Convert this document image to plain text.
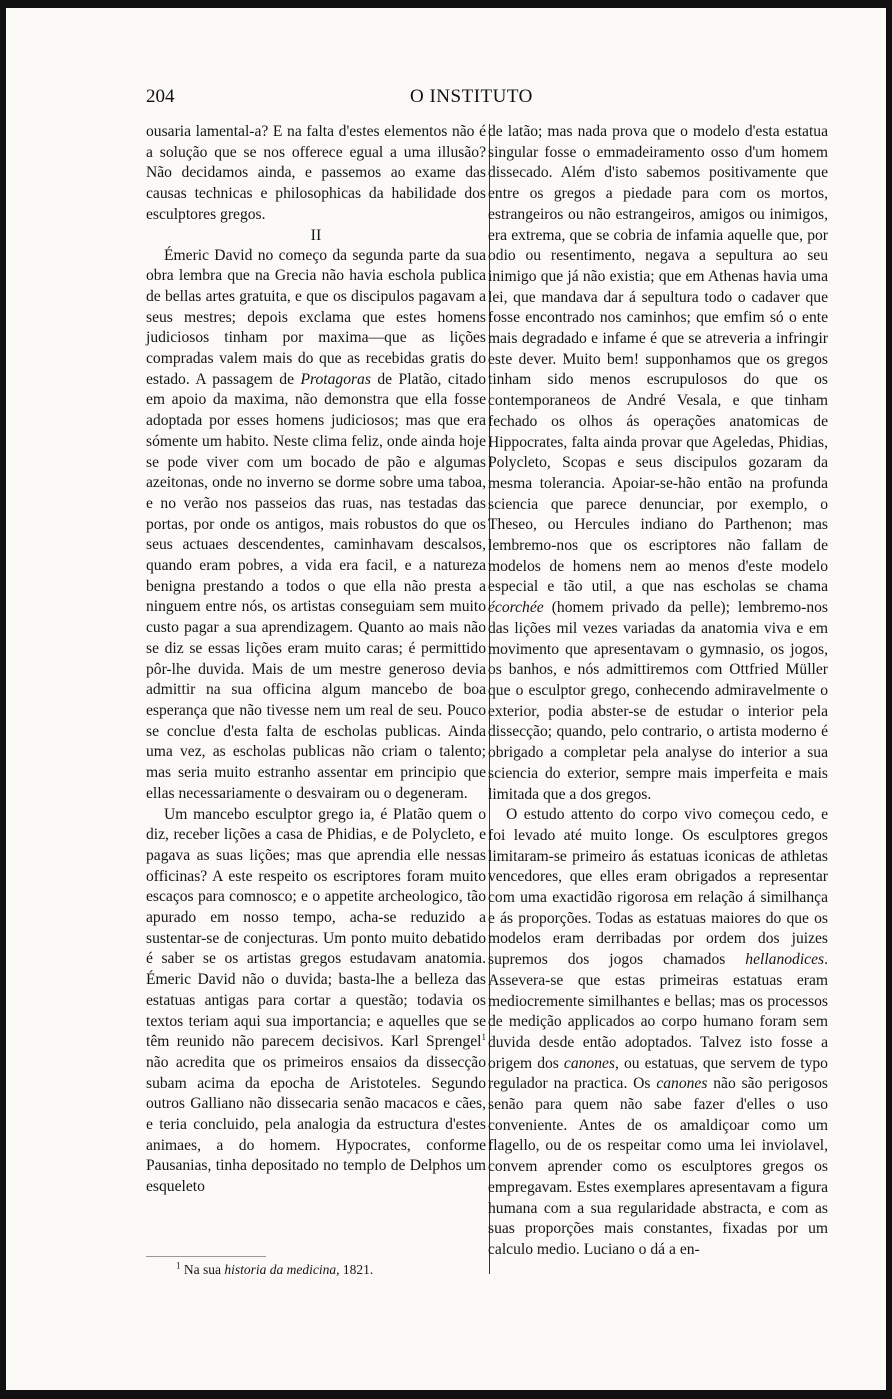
204	O INSTITUTO

ousaria lamental-a? E na falta d'estes elementos não é a solução que se nos offerece egual a uma illusão? Não decidamos ainda, e passemos ao exame das causas technicas e philosophicas da habilidade dos esculptores gregos.

II

Émeric David no começo da segunda parte da sua obra lembra que na Grecia não havia eschola publica de bellas artes gratuita, e que os discipulos pagavam a seus mestres; depois exclama que estes homens judiciosos tinham por maxima—que as lições compradas valem mais do que as recebidas gratis do estado. A passagem de Protagoras de Platão, citado em apoio da maxima, não demonstra que ella fosse adoptada por esses homens judiciosos; mas que era sómente um habito. Neste clima feliz, onde ainda hoje se pode viver com um bocado de pão e algumas azeitonas, onde no inverno se dorme sobre uma taboa, e no verão nos passeios das ruas, nas testadas das portas, por onde os antigos, mais robustos do que os seus actuaes descendentes, caminhavam descalsos, quando eram pobres, a vida era facil, e a natureza benigna prestando a todos o que ella não presta a ninguem entre nós, os artistas conseguiam sem muito custo pagar a sua aprendizagem. Quanto ao mais não se diz se essas lições eram muito caras; é permittido pôr-lhe duvida. Mais de um mestre generoso devia admittir na sua officina algum mancebo de boa esperança que não tivesse nem um real de seu. Pouco se conclue d'esta falta de escholas publicas. Ainda uma vez, as escholas publicas não criam o talento; mas seria muito estranho assentar em principio que ellas necessariamente o desvairam ou o degeneram.

Um mancebo esculptor grego ia, é Platão quem o diz, receber lições a casa de Phidias, e de Polycleto, e pagava as suas lições; mas que aprendia elle nessas officinas? A este respeito os escriptores foram muito escaços para comnosco; e o appetite archeologico, tão apurado em nosso tempo, acha-se reduzido a sustentar-se de conjecturas. Um ponto muito debatido é saber se os artistas gregos estudavam anatomia. Émeric David não o duvida; basta-lhe a belleza das estatuas antigas para cortar a questão; todavia os textos teriam aqui sua importancia; e aquelles que se têm reunido não parecem decisivos. Karl Sprengel$^1$ não acredita que os primeiros ensaios da dissecção subam acima da epocha de Aristoteles. Segundo outros Galliano não dissecaria senão macacos e cães, e teria concluido, pela analogia da estructura d'estes animaes, a do homem. Hypocrates, conforme Pausanias, tinha depositado no templo de Delphos um esqueleto

de latão; mas nada prova que o modelo d'esta estatua singular fosse o emmadeiramento osso d'um homem dissecado. Além d'isto sabemos positivamente que entre os gregos a piedade para com os mortos, estrangeiros ou não estrangeiros, amigos ou inimigos, era extrema, que se cobria de infamia aquelle que, por odio ou resentimento, negava a sepultura ao seu inimigo que já não existia; que em Athenas havia uma lei, que mandava dar á sepultura todo o cadaver que fosse encontrado nos caminhos; que emfim só o ente mais degradado e infame é que se atreveria a infringir este dever. Muito bem! supponhamos que os gregos tinham sido menos escrupulosos do que os contemporaneos de André Vesala, e que tinham fechado os olhos ás operações anatomicas de Hippocrates, falta ainda provar que Ageledas, Phidias, Polycleto, Scopas e seus discipulos gozaram da mesma tolerancia. Apoiar-se-hão então na profunda sciencia que parece denunciar, por exemplo, o Theseo, ou Hercules indiano do Parthenon; mas lembremo-nos que os escriptores não fallam de modelos de homens nem ao menos d'este modelo especial e tão util, a que nas escholas se chama écorchée (homem privado da pelle); lembremo-nos das lições mil vezes variadas da anatomia viva e em movimento que apresentavam o gymnasio, os jogos, os banhos, e nós admittiremos com Ottfried Müller que o esculptor grego, conhecendo admiravelmente o exterior, podia abster-se de estudar o interior pela dissecção; quando, pelo contrario, o artista moderno é obrigado a completar pela analyse do interior a sua sciencia do exterior, sempre mais imperfeita e mais limitada que a dos gregos.

O estudo attento do corpo vivo começou cedo, e foi levado até muito longe. Os esculptores gregos limitaram-se primeiro ás estatuas iconicas de athletas vencedores, que elles eram obrigados a representar com uma exactidão rigorosa em relação á similhança e ás proporções. Todas as estatuas maiores do que os modelos eram derribadas por ordem dos juizes supremos dos jogos chamados hellanodices. Assevera-se que estas primeiras estatuas eram mediocremente similhantes e bellas; mas os processos de medição applicados ao corpo humano foram sem duvida desde então adoptados. Talvez isto fosse a origem dos canones, ou estatuas, que servem de typo regulador na practica. Os canones não são perigosos senão para quem não sabe fazer d'elles o uso conveniente. Antes de os amaldiçoar como um flagello, ou de os respeitar como uma lei inviolavel, convem aprender como os esculptores gregos os empregavam. Estes exemplares apresentavam a figura humana com a sua regularidade abstracta, e com as suas proporções mais constantes, fixadas por um calculo medio. Luciano o dá a en-

$^1$ Na sua historia da medicina, 1821.
